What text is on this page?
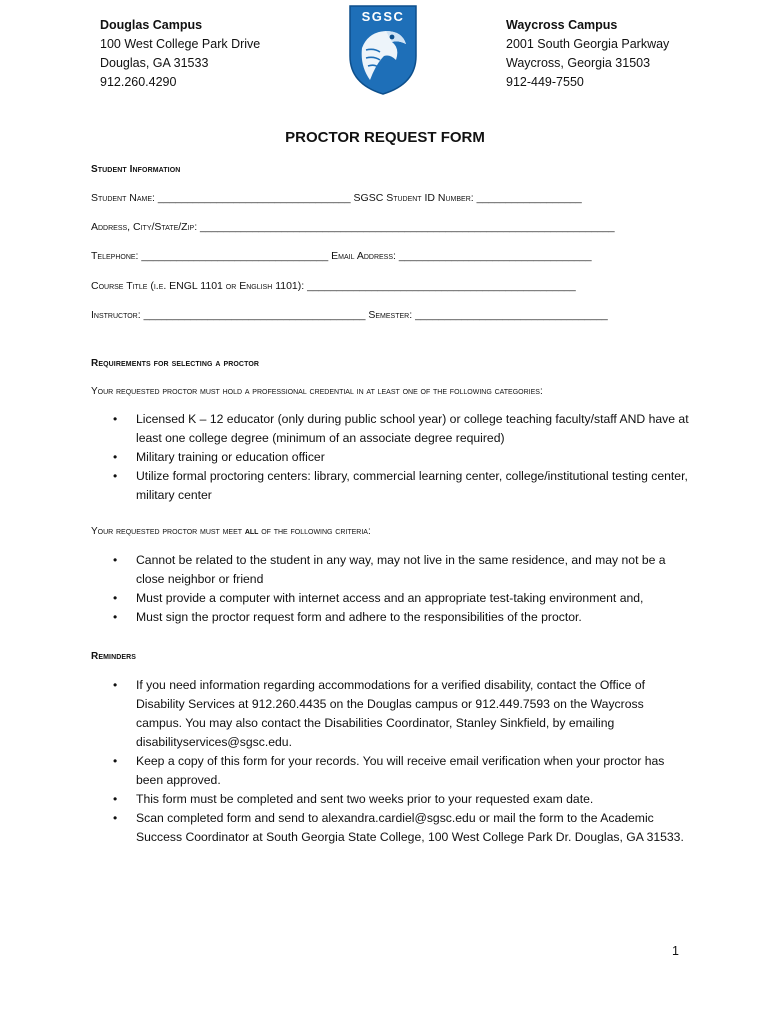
Douglas Campus
100 West College Park Drive
Douglas, GA 31533
912.260.4290
SGSC
Waycross Campus
2001 South Georgia Parkway
Waycross, Georgia 31503
912-449-7550
PROCTOR REQUEST FORM
Student Information
Student Name: _________________________________ SGSC Student ID Number: __________________
Address, City/State/Zip: _______________________________________________________________________
Telephone: ________________________________ Email Address: _________________________________
Course Title (i.e. ENGL 1101 or English 1101): ______________________________________________
Instructor: ______________________________________ Semester: _________________________________
Requirements for selecting a proctor
Your requested proctor must hold a professional credential in at least one of the following categories:
• Licensed K – 12 educator (only during public school year) or college teaching faculty/staff AND have at least one college degree (minimum of an associate degree required)
• Military training or education officer
• Utilize formal proctoring centers: library, commercial learning center, college/institutional testing center, military center
Your requested proctor must meet all of the following criteria:
• Cannot be related to the student in any way, may not live in the same residence, and may not be a close neighbor or friend
• Must provide a computer with internet access and an appropriate test-taking environment and,
• Must sign the proctor request form and adhere to the responsibilities of the proctor.
Reminders
• If you need information regarding accommodations for a verified disability, contact the Office of Disability Services at 912.260.4435 on the Douglas campus or 912.449.7593 on the Waycross campus. You may also contact the Disabilities Coordinator, Stanley Sinkfield, by emailing disabilityservices@sgsc.edu.
• Keep a copy of this form for your records. You will receive email verification when your proctor has been approved.
• This form must be completed and sent two weeks prior to your requested exam date.
• Scan completed form and send to alexandra.cardiel@sgsc.edu or mail the form to the Academic Success Coordinator at South Georgia State College, 100 West College Park Dr. Douglas, GA 31533.
1
